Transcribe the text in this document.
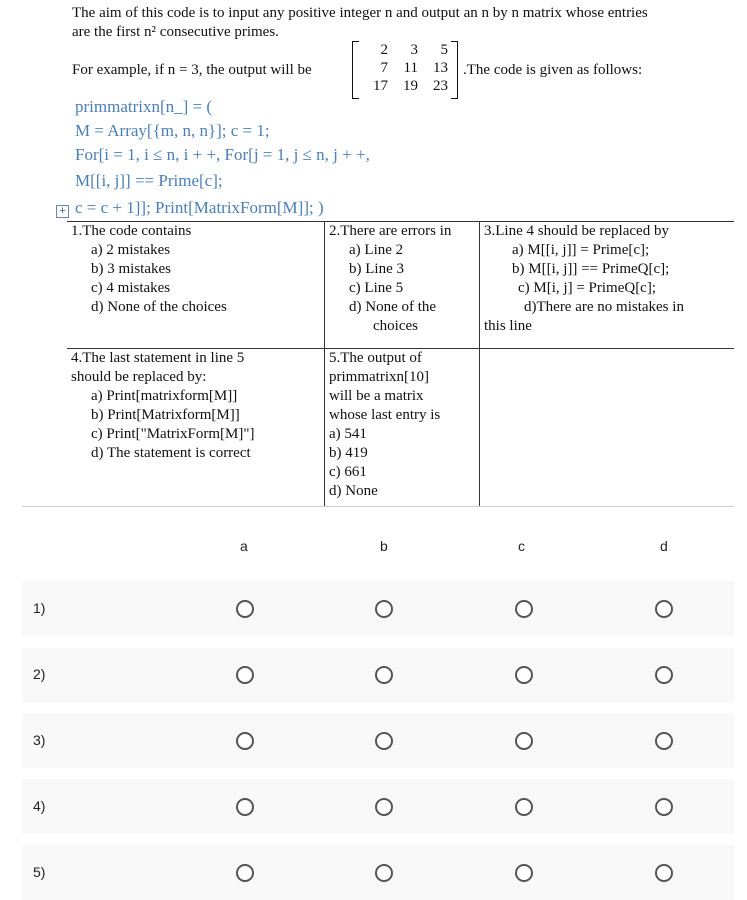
The aim of this code is to input any positive integer n and output an n by n matrix whose entries
are the first n² consecutive primes.
For example, if n = 3, the output will be
2	3	5
7	11	13
17	19	23
.The code is given as follows:
primmatrixn[n_] = (
M = Array[{m, n, n}]; c = 1;
For[i = 1, i ≤ n, i + +, For[j = 1, j ≤ n, j + +,
M[[i, j]] == Prime[c];
c = c + 1]]; Print[MatrixForm[M]]; )
+
1.The code contains
a) 2 mistakes
b) 3 mistakes
c) 4 mistakes
d) None of the choices
2.There are errors in
a) Line 2
b) Line 3
c) Line 5
d) None of the
choices
3.Line 4 should be replaced by
a) M[[i, j]] = Prime[c];
b) M[[i, j]] == PrimeQ[c];
c) M[i, j] = PrimeQ[c];
d)There are no mistakes in
this line
4.The last statement in line 5
should be replaced by:
a) Print[matrixform[M]]
b) Print[Matrixform[M]]
c) Print["MatrixForm[M]"]
d) The statement is correct
5.The output of
primmatrixn[10]
will be a matrix
whose last entry is
a) 541
b) 419
c) 661
d) None
a	b	c	d
1)
2)
3)
4)
5)
